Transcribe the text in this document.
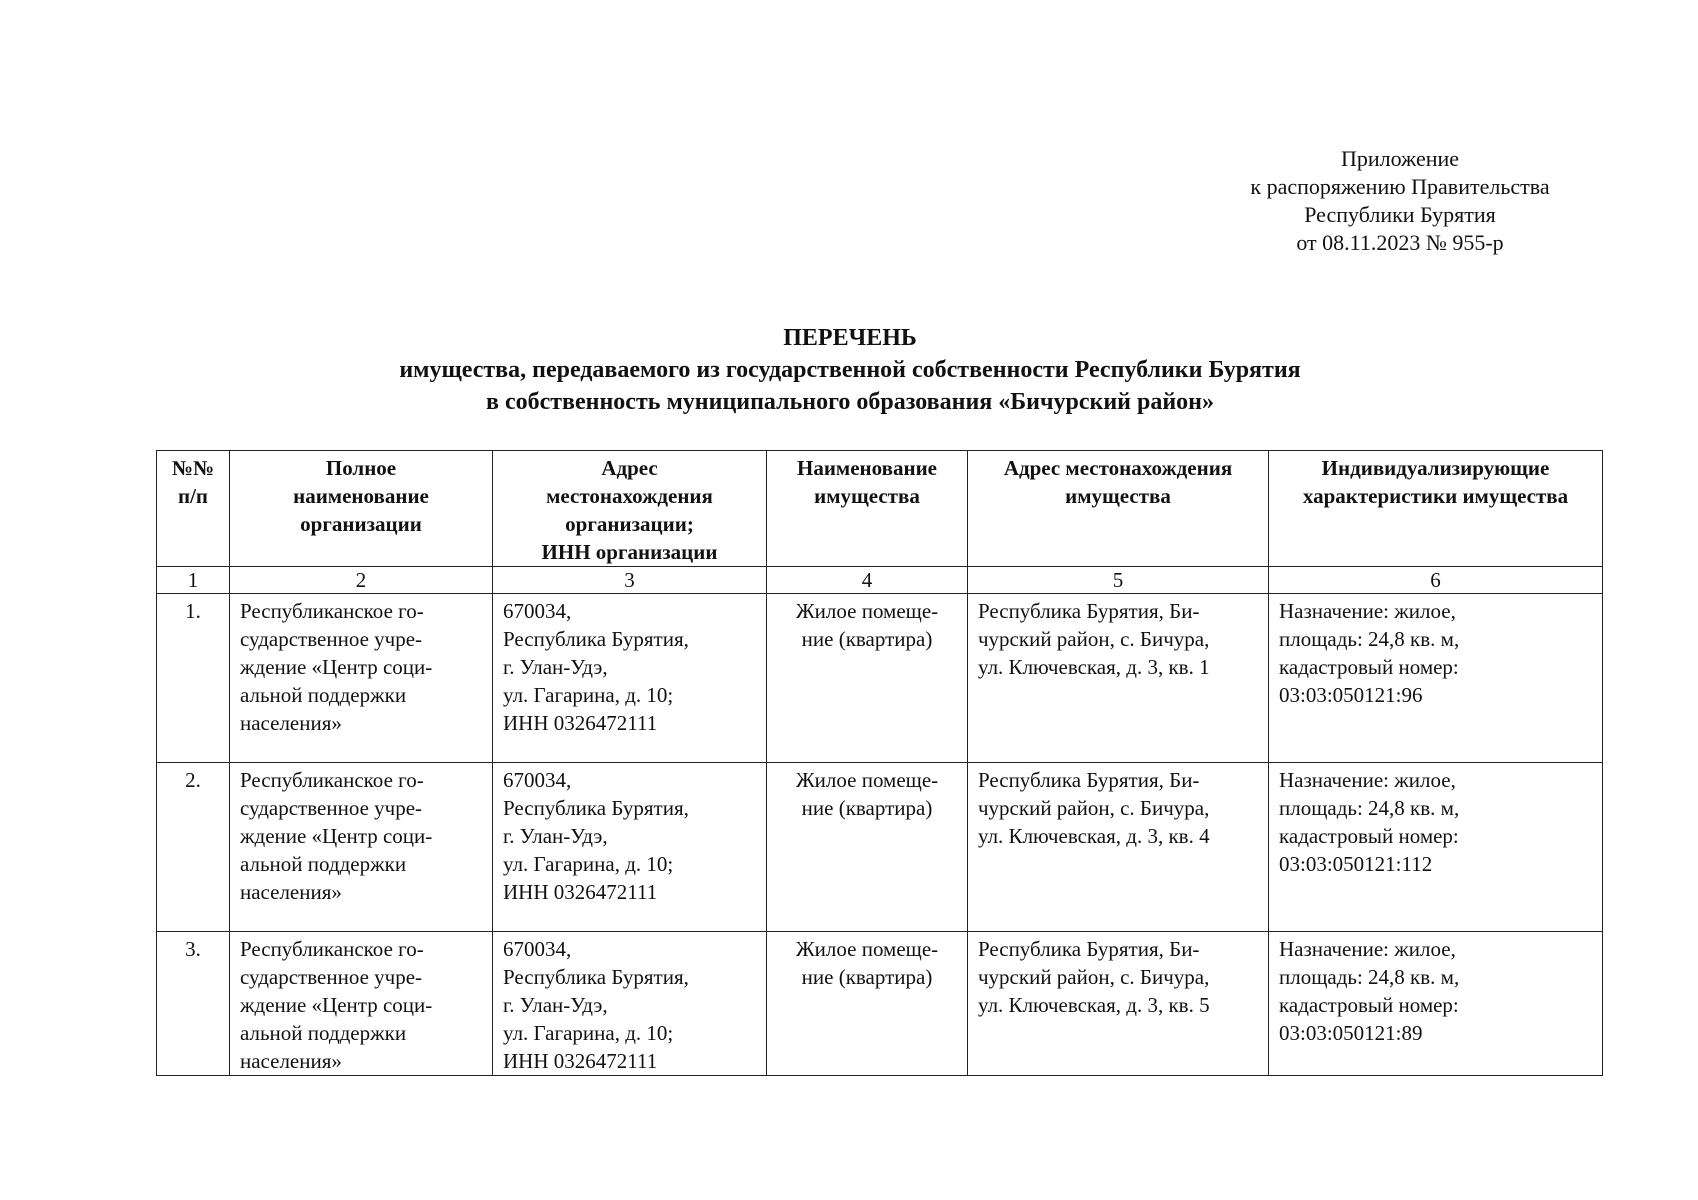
Приложение
к распоряжению Правительства
Республики Бурятия
от 08.11.2023 № 955-р
ПЕРЕЧЕНЬ
имущества, передаваемого из государственной собственности Республики Бурятия
в собственность муниципального образования «Бичурский район»
№№
п/п	Полное
наименование
организации	Адрес
местонахождения
организации;
ИНН организации	Наименование
имущества	Адрес местонахождения
имущества	Индивидуализирующие
характеристики имущества

1	2	3	4	5	6
1.	Республиканское го-
сударственное учре-
ждение «Центр соци-
альной поддержки
населения»	670034,
Республика Бурятия,
г. Улан-Удэ,
ул. Гагарина, д. 10;
ИНН 0326472111	Жилое помеще-
ние (квартира)	Республика Бурятия, Би-
чурский район, с. Бичура,
ул. Ключевская, д. 3, кв. 1	Назначение: жилое,
площадь: 24,8 кв. м,
кадастровый номер:
03:03:050121:96

2.	Республиканское го-
сударственное учре-
ждение «Центр соци-
альной поддержки
населения»	670034,
Республика Бурятия,
г. Улан-Удэ,
ул. Гагарина, д. 10;
ИНН 0326472111	Жилое помеще-
ние (квартира)	Республика Бурятия, Би-
чурский район, с. Бичура,
ул. Ключевская, д. 3, кв. 4	Назначение: жилое,
площадь: 24,8 кв. м,
кадастровый номер:
03:03:050121:112

3.	Республиканское го-
сударственное учре-
ждение «Центр соци-
альной поддержки
населения»	670034,
Республика Бурятия,
г. Улан-Удэ,
ул. Гагарина, д. 10;
ИНН 0326472111	Жилое помеще-
ние (квартира)	Республика Бурятия, Би-
чурский район, с. Бичура,
ул. Ключевская, д. 3, кв. 5	Назначение: жилое,
площадь: 24,8 кв. м,
кадастровый номер:
03:03:050121:89
